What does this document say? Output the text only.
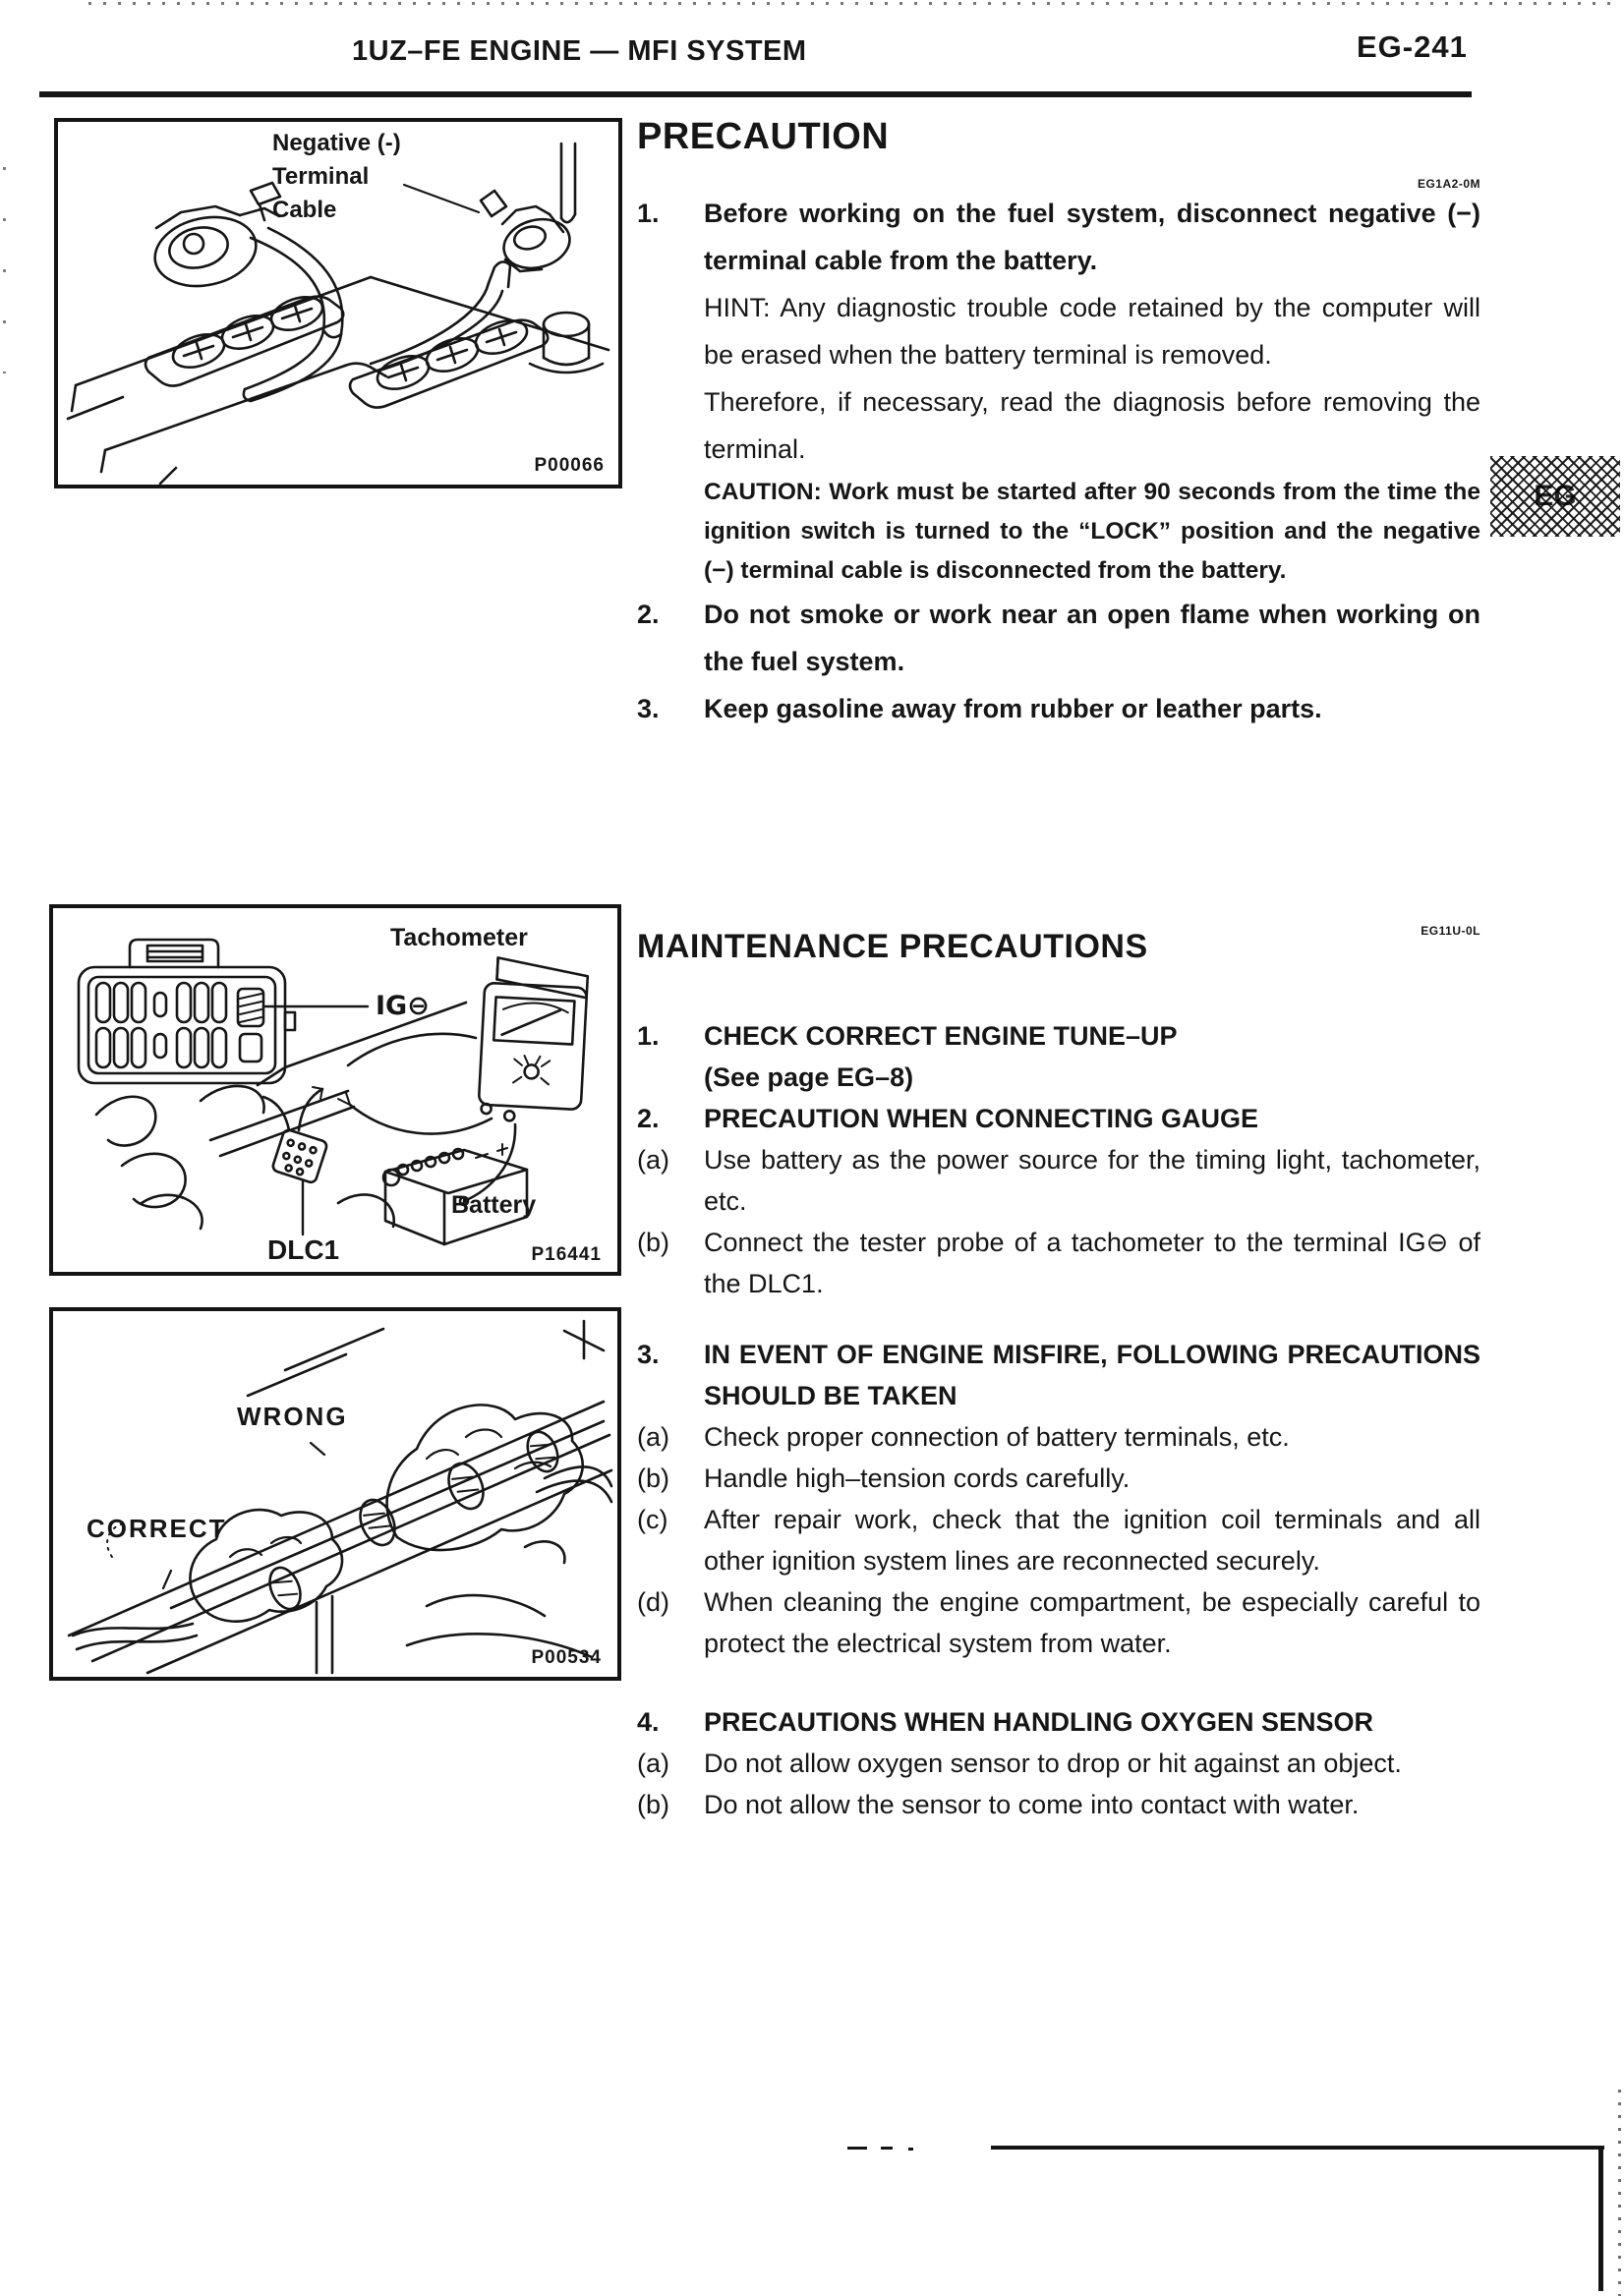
1UZ–FE ENGINE — MFI SYSTEM	EG-241
EG
Negative (-)
Terminal
Cable
P00066
Tachometer
IG⊖
Battery
DLC1	P16441
WRONG
CORRECT
P00534
EG1A2-0M
PRECAUTION
1.	Before working on the fuel system, disconnect negative (−) terminal cable from the battery.

HINT: Any diagnostic trouble code retained by the computer will be erased when the battery terminal is removed.

Therefore, if necessary, read the diagnosis before removing the terminal.

CAUTION: Work must be started after 90 seconds from the time the ignition switch is turned to the “LOCK” position and the negative (−) terminal cable is disconnected from the battery.

2.	Do not smoke or work near an open flame when working on the fuel system.

3.	Keep gasoline away from rubber or leather parts.

EG11U-0L
MAINTENANCE PRECAUTIONS
1.	CHECK CORRECT ENGINE TUNE–UP
(See page EG–8)
2.	PRECAUTION WHEN CONNECTING GAUGE
(a)	Use battery as the power source for the timing light, tachometer, etc.
(b)	Connect the tester probe of a tachometer to the terminal IG⊖ of the DLC1.
3.	IN EVENT OF ENGINE MISFIRE, FOLLOWING PRECAUTIONS SHOULD BE TAKEN
(a)	Check proper connection of battery terminals, etc.
(b)	Handle high–tension cords carefully.
(c)	After repair work, check that the ignition coil terminals and all other ignition system lines are reconnected securely.
(d)	When cleaning the engine compartment, be especially careful to protect the electrical system from water.
4.	PRECAUTIONS WHEN HANDLING OXYGEN SENSOR
(a)	Do not allow oxygen sensor to drop or hit against an object.
(b)	Do not allow the sensor to come into contact with water.
